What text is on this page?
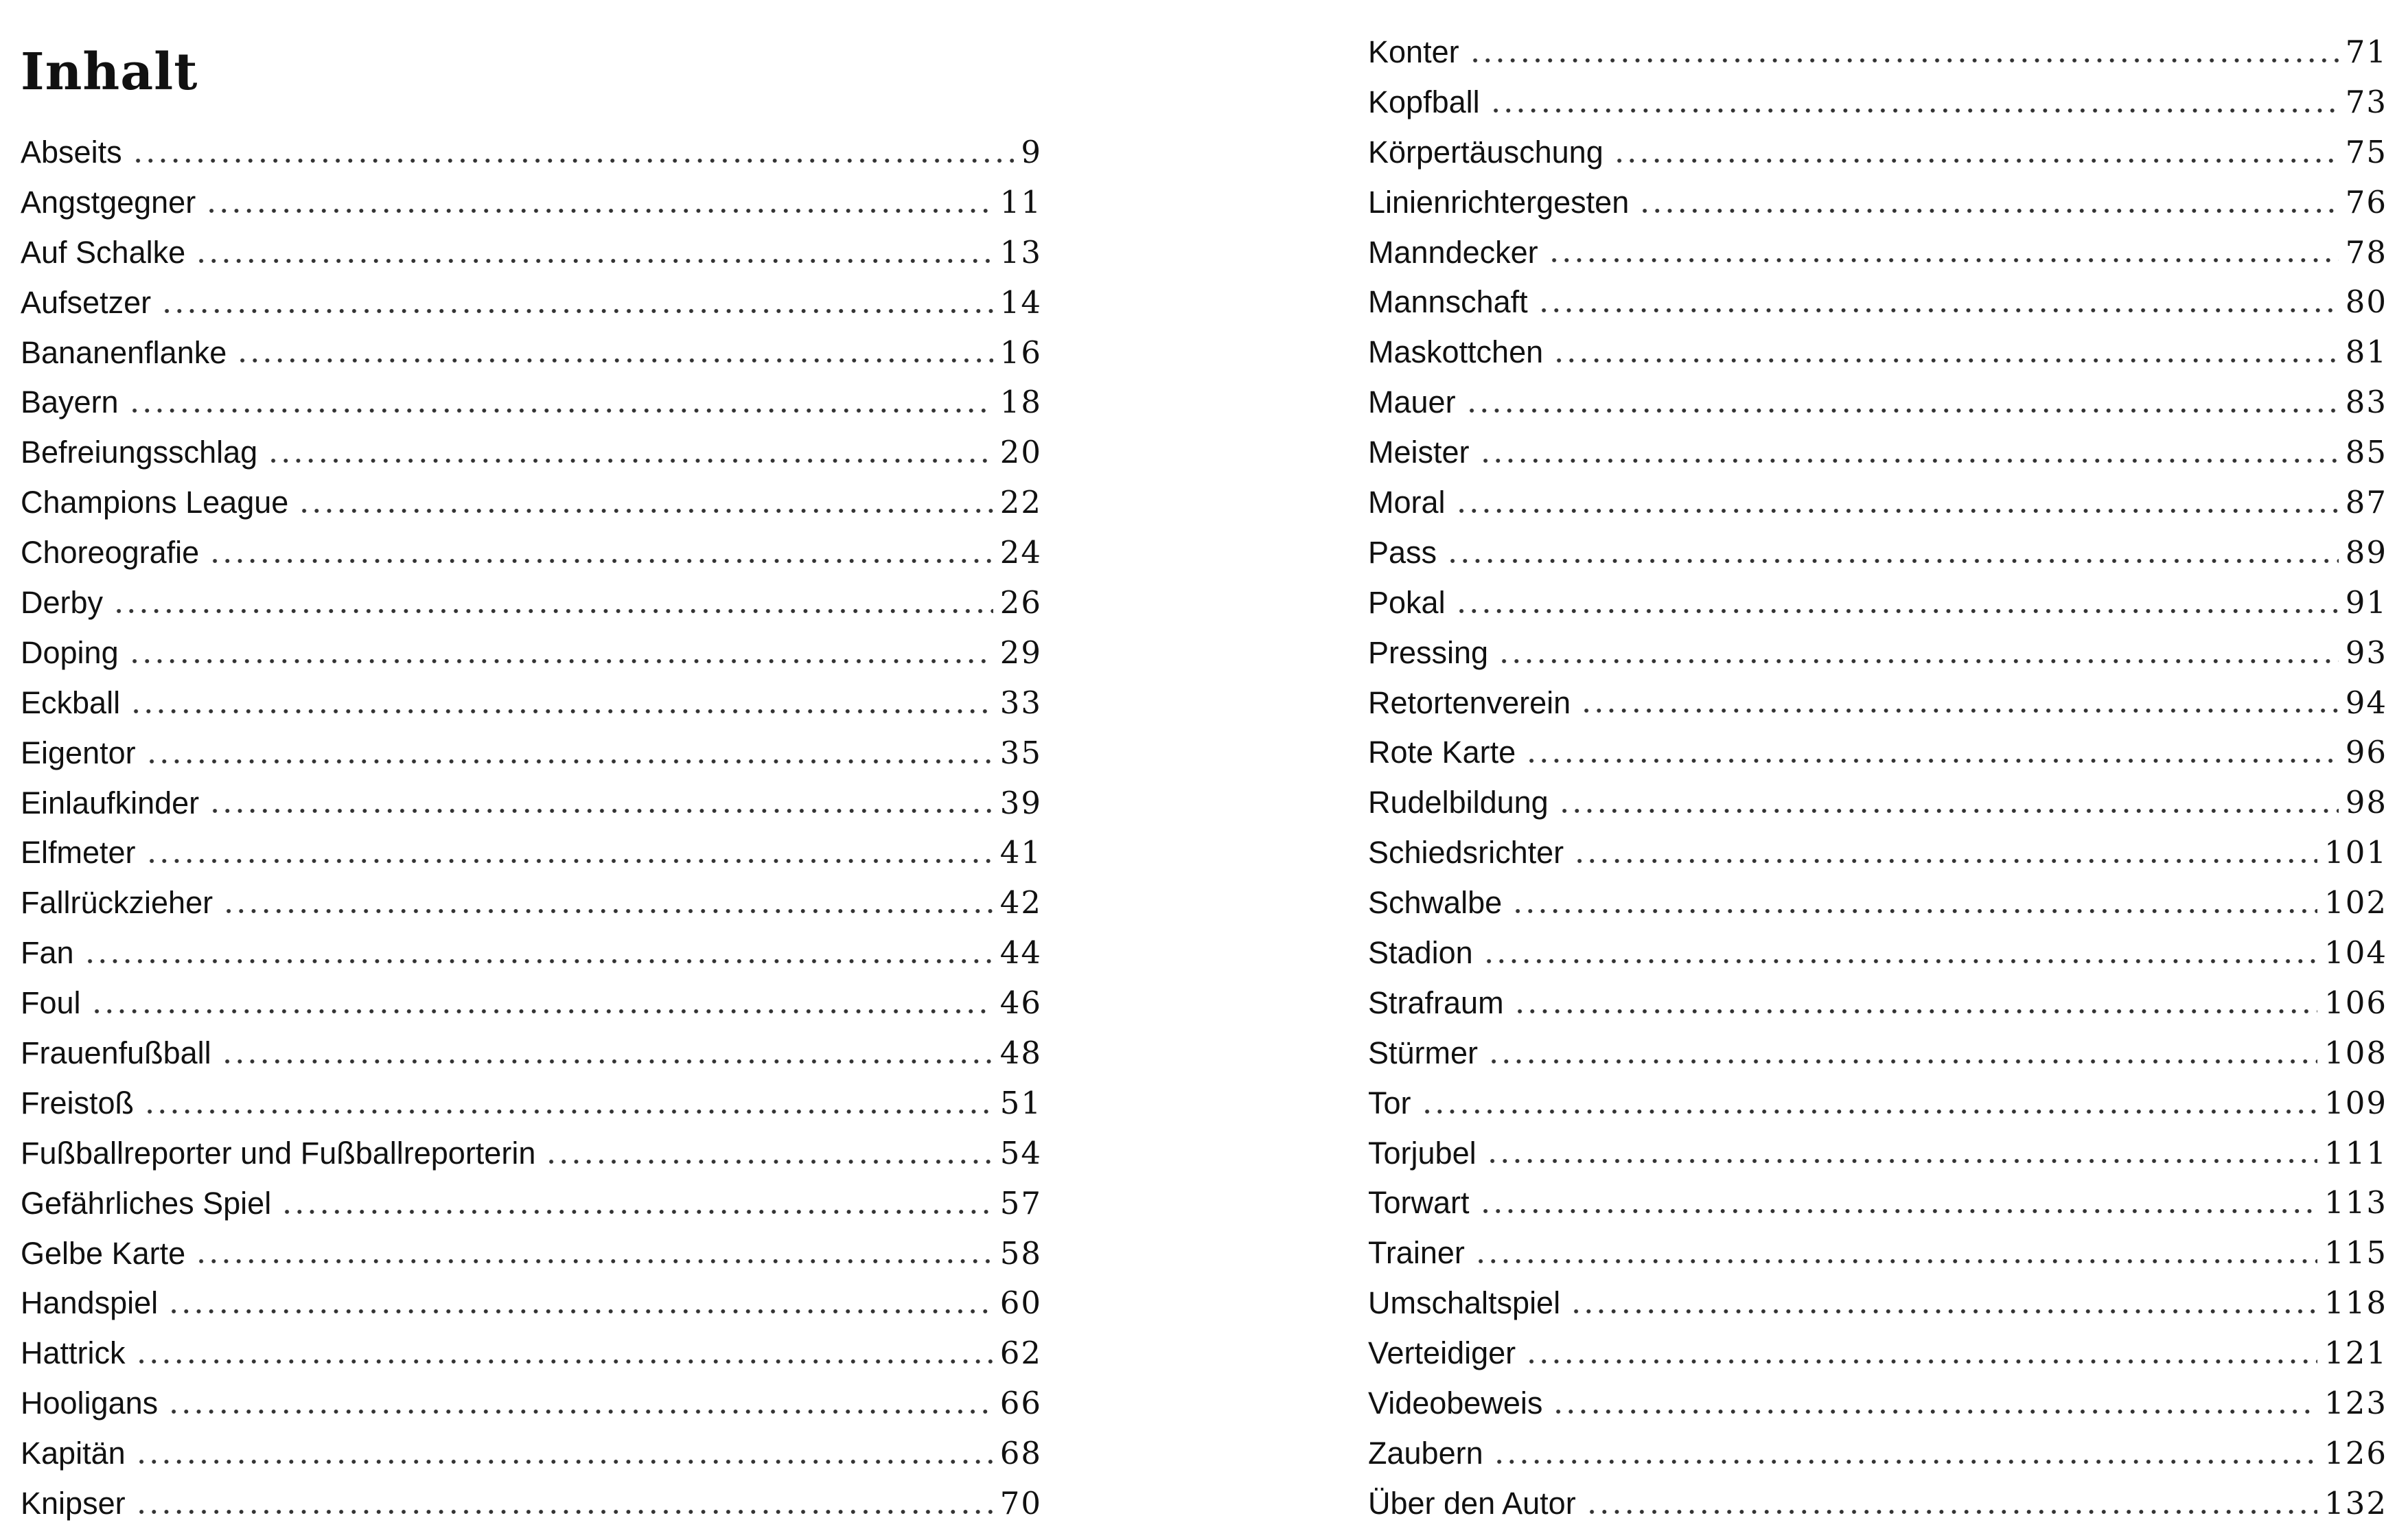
Inhalt
Abseits	9
Angstgegner	11
Auf Schalke	13
Aufsetzer	14
Bananenflanke	16
Bayern	18
Befreiungsschlag	20
Champions League	22
Choreografie	24
Derby	26
Doping	29
Eckball	33
Eigentor	35
Einlaufkinder	39
Elfmeter	41
Fallrückzieher	42
Fan	44
Foul	46
Frauenfußball	48
Freistoß	51
Fußballreporter und Fußballreporterin	54
Gefährliches Spiel	57
Gelbe Karte	58
Handspiel	60
Hattrick	62
Hooligans	66
Kapitän	68
Knipser	70
Konter	71
Kopfball	73
Körpertäuschung	75
Linienrichtergesten	76
Manndecker	78
Mannschaft	80
Maskottchen	81
Mauer	83
Meister	85
Moral	87
Pass	89
Pokal	91
Pressing	93
Retortenverein	94
Rote Karte	96
Rudelbildung	98
Schiedsrichter	101
Schwalbe	102
Stadion	104
Strafraum	106
Stürmer	108
Tor	109
Torjubel	111
Torwart	113
Trainer	115
Umschaltspiel	118
Verteidiger	121
Videobeweis	123
Zaubern	126
Über den Autor	132
